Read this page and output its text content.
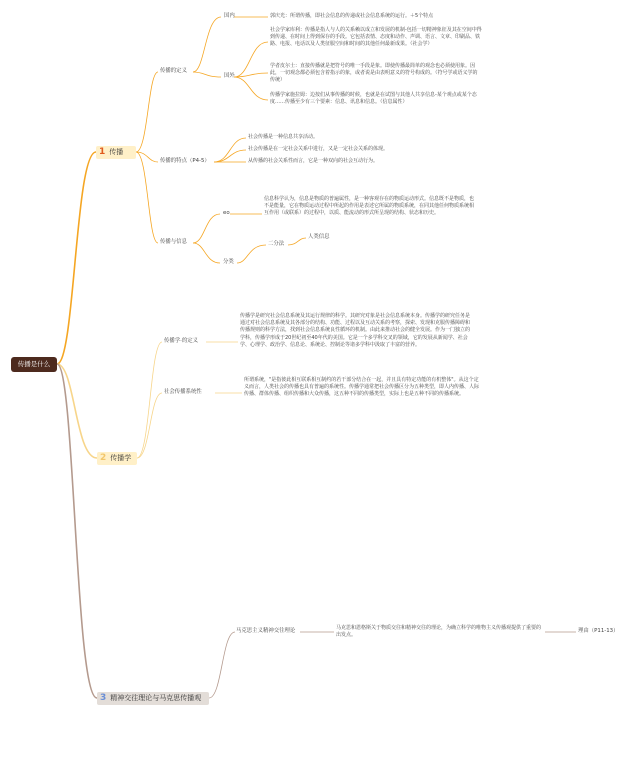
传播是什么
1 传播
2 传播学
3 精神交往理论与马克思传播观
传播的定义
国内
国外
郭庆光：所谓传播，即社会信息的传递或社会信息系统的运行。＋5个特点
社会学家库利：传播是指人与人的关系赖以成立和发展的机制-包括一切精神象征及其在空间中得到传递、在时间上得到保存的手段。它包括表情、态度和动作、声调、语言、文章、印刷品、铁路、电报、电话以及人类征服空间和时间的其他任何最新成果。（社会学）
学者皮尔士：直接传播就是把符号的唯一手段是象。即使传播最简单的观念也必须使用象。因此，一切观念都必须包含着指示的象，或者说是由表明意义的符号构成的。（符号学或语义学的传统）
传播学家施拉姆：边按们从事传播的时候，也就是在试图与其他人共享信息-某个观点或某个态度……传播至少有三个要素：信息、讯息和信息。（信息属性）
传播的特点（P4-5）
社会传播是一种信息共享活动。
社会传播是在一定社会关系中进行，又是一定社会关系的体现。
从传播的社会关系性而言，它是一种双向的社会互动行为。
传播与信息
eo
信息科学认为，信息是物质的普遍属性，是一种客观存在的物质运动形式。信息既不是物质，也不是能量，它在物质运动过程中所起的作用是表述它所属的物质系统，在同其他任何物质系统相互作用（或联系）的过程中，以质、能流动的形式所呈现的结构、状态和历史。
分类
二分法
人类信息
传播学·的定义
传播学是研究社会信息系统及其运行规律的科学。其研究对象是社会信息系统本身。传播学的研究任务是通过对社会信息系统及其各部分的结构、功能、过程以及互动关系的考察，探索、发现和克服传播障碍和传播规则的科学方法，找到社会信息系统良性循环的机制。由此来推动社会的健全发展。作为一门独立的学科，传播学形成于20世纪初至40年代的美国。它是一个多学科交叉的领域，它的发展从新闻学、社会学、心理学、政治学、信息论、系统论、控制论等诸多学科中汲取了丰富的营养。
社会传播系统性
所谓系统，"是指彼此相互联系相互制约的若干部分结合在一起，并且具有特定功能的有机整体"。从这个定义而言，人类社会的传播也具有普遍的系统性。传播学通常把社会传播区分为五种类型，即人内传播、人际传播、群体传播、组织传播和大众传播，这五种不同的传播类型，实际上也是五种不同的传播系统。
马克思主义精神交往理论	马克思和恩格斯关于物质交往和精神交往的理论，为确立科学的唯物主义传播观提供了重要的出发点。
理由（P11-13）
